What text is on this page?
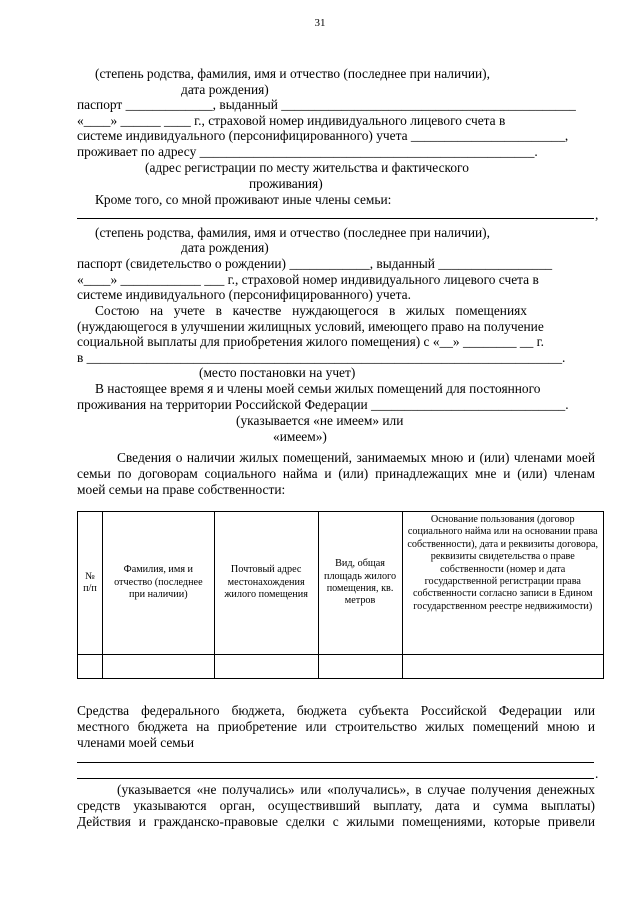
31
(степень родства, фамилия, имя и отчество (последнее при наличии),
дата рождения)
паспорт _____________, выданный ____________________________________________
«____» ______ ____ г., страховой номер индивидуального лицевого счета в
системе индивидуального (персонифицированного) учета _______________________,
проживает по адресу __________________________________________________.
(адрес регистрации по месту жительства и фактического
проживания)
Кроме того, со мной проживают иные члены семьи:
,
(степень родства, фамилия, имя и отчество (последнее при наличии),
дата рождения)
паспорт (свидетельство о рождении) ____________, выданный _________________
«____» ____________ ___ г., страховой номер индивидуального лицевого счета в
системе индивидуального (персонифицированного) учета.
Состою на учете в качестве нуждающегося в жилых помещениях
(нуждающегося в улучшении жилищных условий, имеющего право на получение
социальной выплаты для приобретения жилого помещения) с «__» ________ __ г.
в _______________________________________________________________________.
(место постановки на учет)
В настоящее время я и члены моей семьи жилых помещений для постоянного
проживания на территории Российской Федерации _____________________________.
(указывается «не имеем» или
«имеем»)
Сведения о наличии жилых помещений, занимаемых мною и (или) членами моей
семьи по договорам социального найма и (или) принадлежащих мне и (или) членам
моей семьи на праве собственности:
№ п/п	Фамилия, имя и отчество (последнее при наличии)	Почтовый адрес местонахождения жилого помещения	Вид, общая площадь жилого помещения, кв. метров	Основание пользования (договор социального найма или на основании права собственности), дата и реквизиты договора, реквизиты свидетельства о праве собственности (номер и дата государственной регистрации права собственности согласно записи в Едином государственном реестре недвижимости)

Средства федерального бюджета, бюджета субъекта Российской Федерации или
местного бюджета на приобретение или строительство жилых помещений мною и
членами моей семьи
.
(указывается «не получались» или «получались», в случае получения денежных
средств указываются орган, осуществивший выплату, дата и сумма выплаты)
Действия и гражданско-правовые сделки с жилыми помещениями, которые привели
